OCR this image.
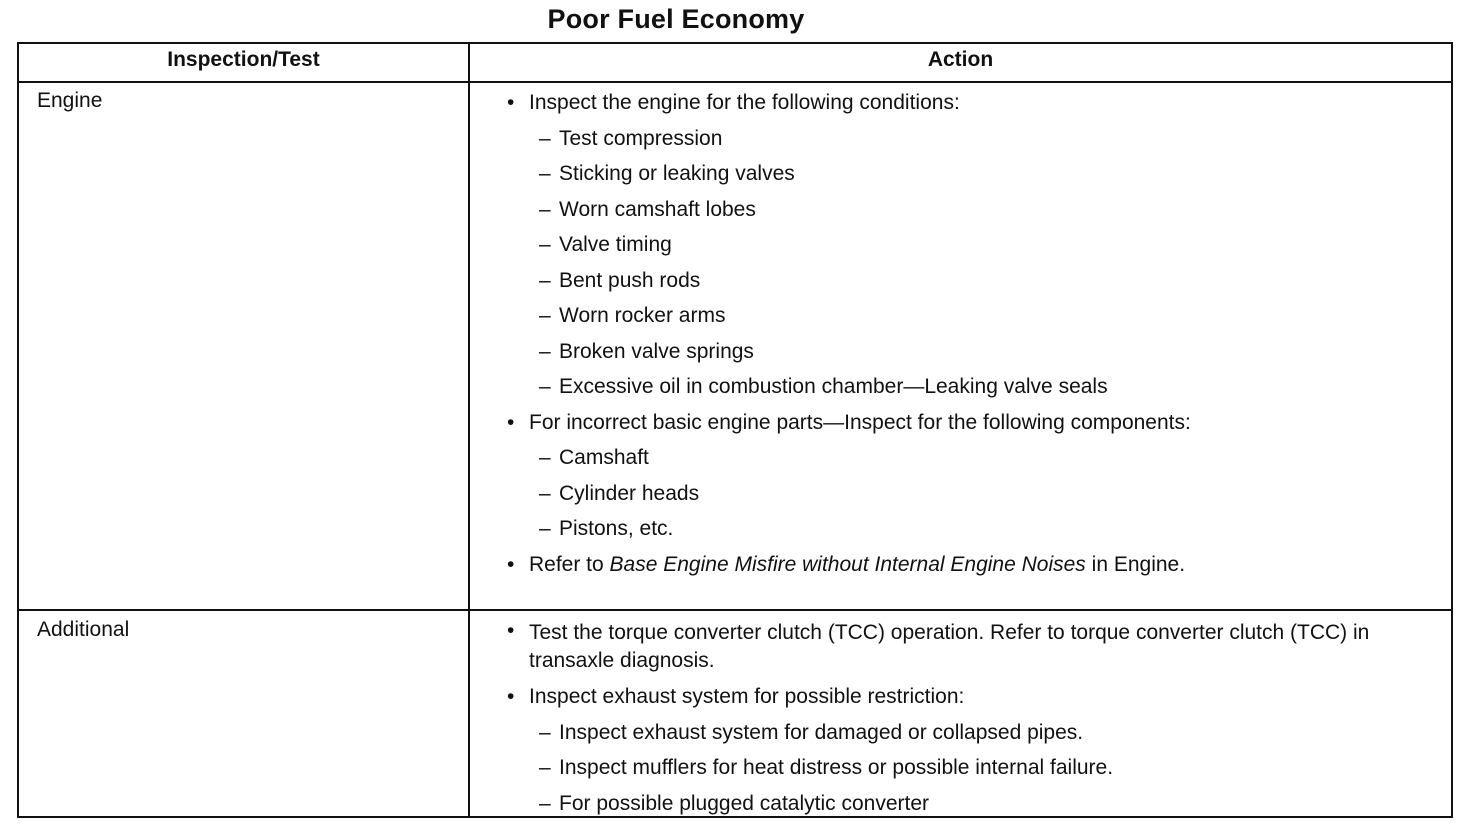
Poor Fuel Economy
Inspection/Test	Action
Engine	• Inspect the engine for the following conditions:
– Test compression
– Sticking or leaking valves
– Worn camshaft lobes
– Valve timing
– Bent push rods
– Worn rocker arms
– Broken valve springs
– Excessive oil in combustion chamber—Leaking valve seals
• For incorrect basic engine parts—Inspect for the following components:
– Camshaft
– Cylinder heads
– Pistons, etc.
• Refer to Base Engine Misfire without Internal Engine Noises in Engine.
Additional	• Test the torque converter clutch (TCC) operation. Refer to torque converter clutch (TCC) in transaxle diagnosis.
• Inspect exhaust system for possible restriction:
– Inspect exhaust system for damaged or collapsed pipes.
– Inspect mufflers for heat distress or possible internal failure.
– For possible plugged catalytic converter
